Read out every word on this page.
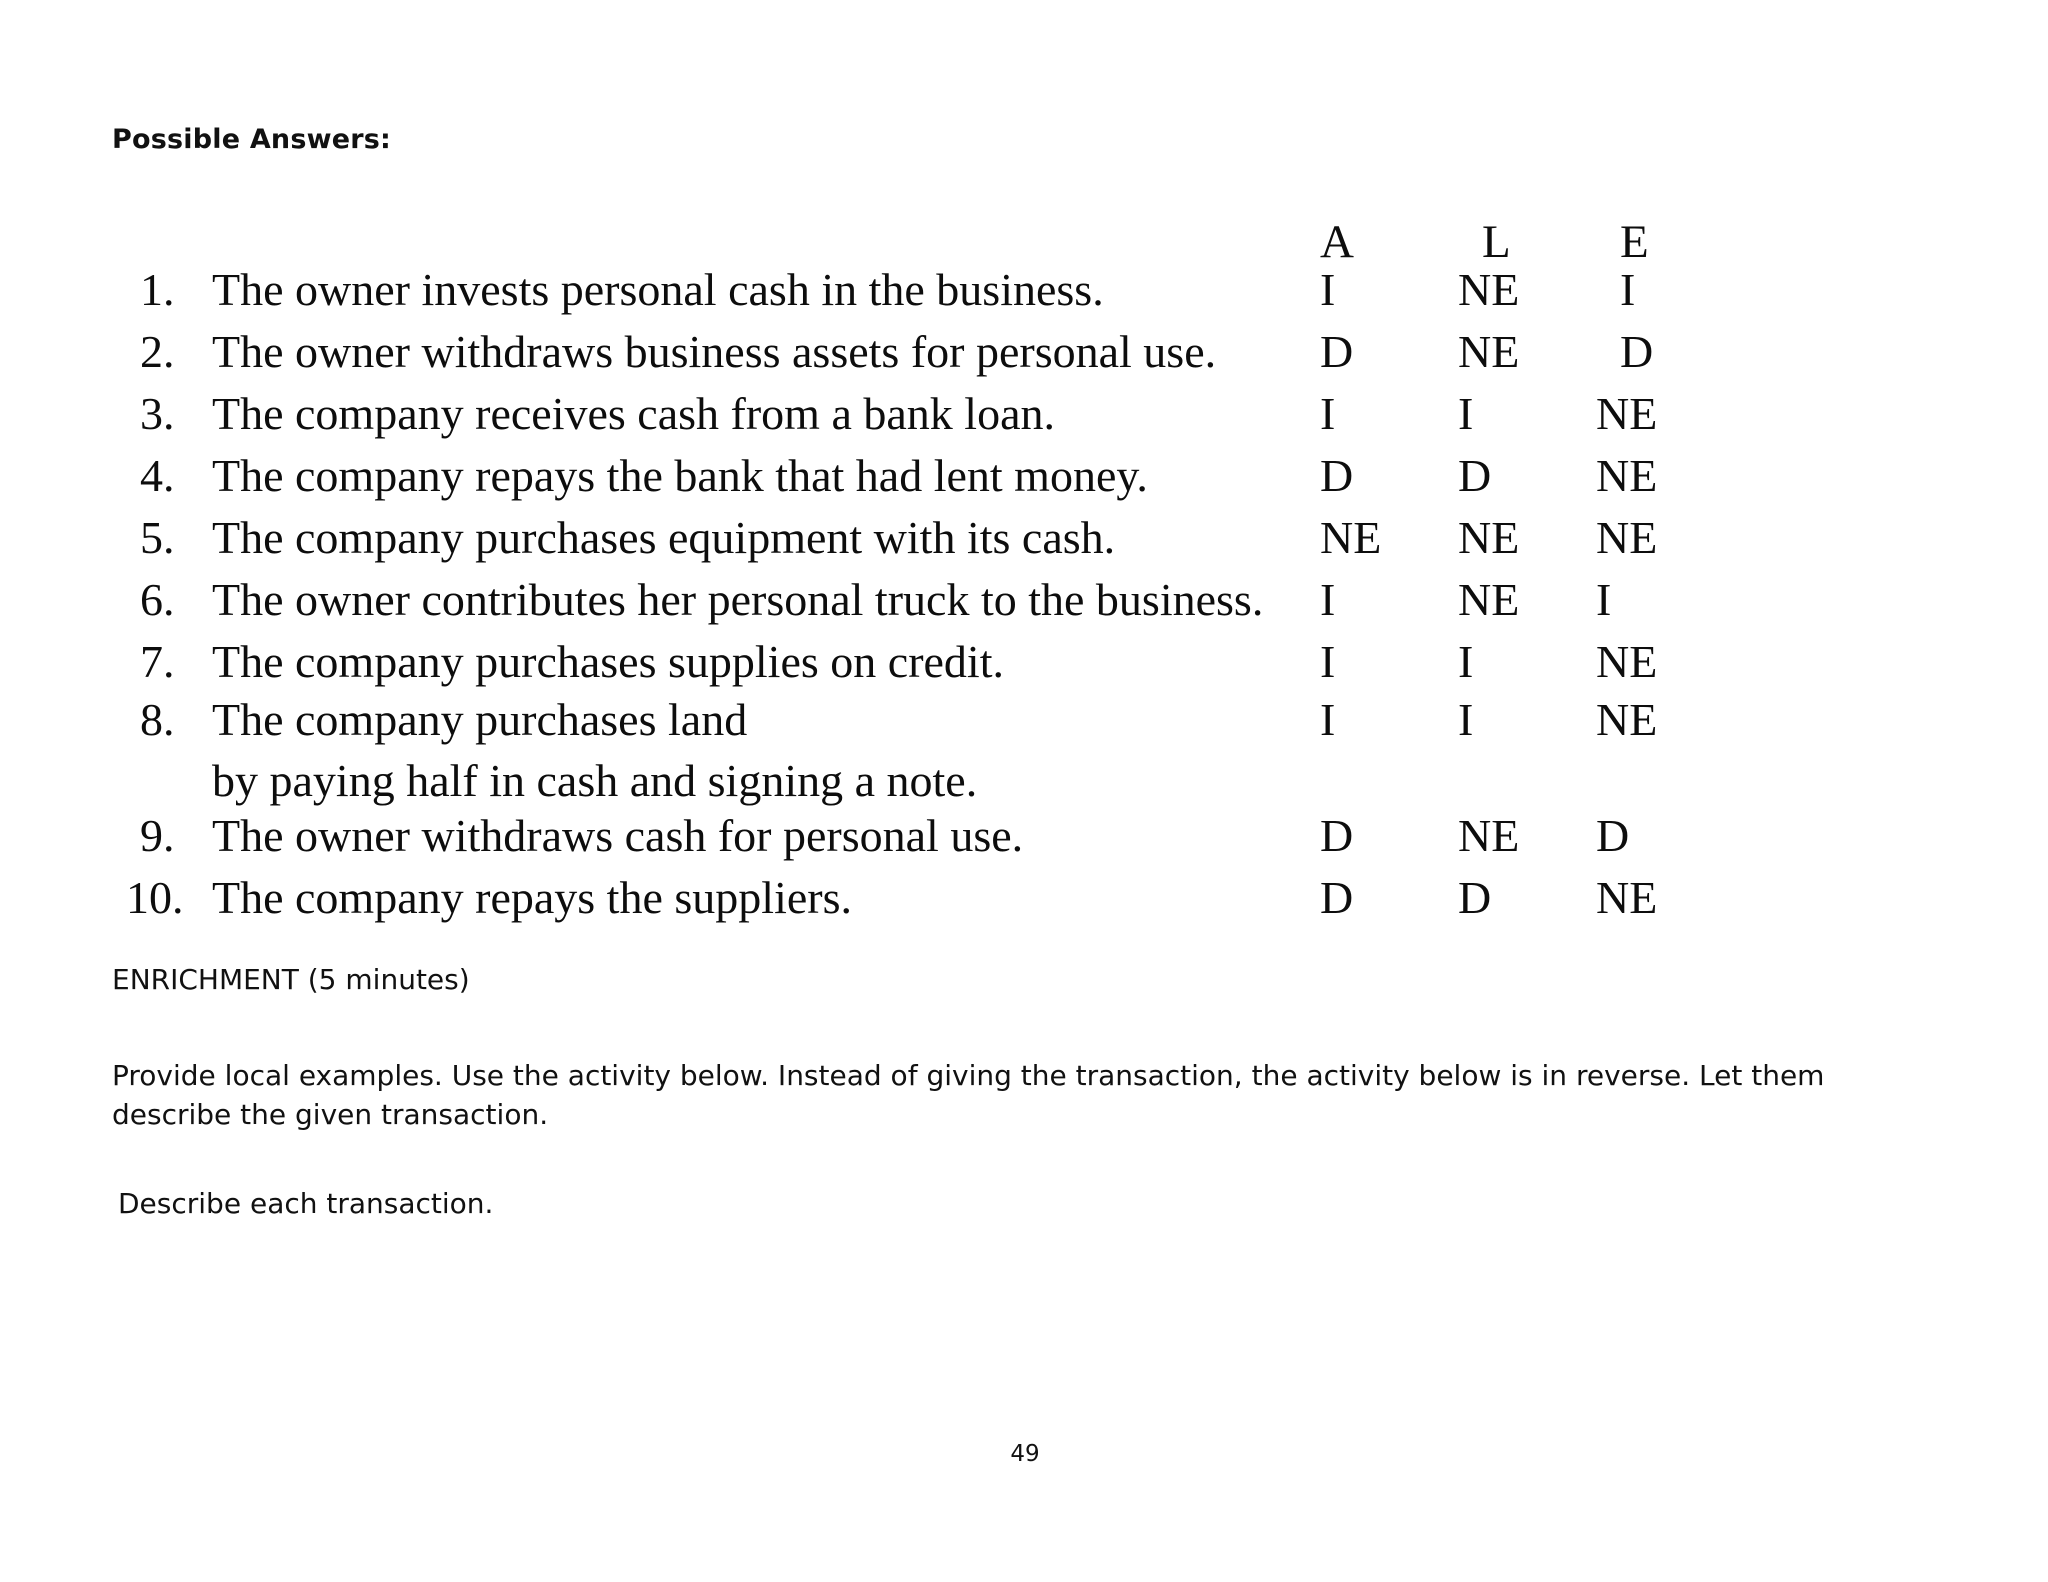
Possible Answers:
A	L E
1. The owner invests personal cash in the business.	I	NE I
2. The owner withdraws business assets for personal use. D NE D
3. The company receives cash from a bank loan.	I	I	NE
4. The company repays the bank that had lent money.	D D NE
5. The company purchases equipment with its cash.	NE NE NE
6. The owner contributes her personal truck to the business. I	NE I
7. The company purchases supplies on credit.	I	I	NE
8. The company purchases land
by paying half in cash and signing a note.
I	I	NE
9. The owner withdraws cash for personal use.	D NE D
10. The company repays the suppliers.	D D NE

ENRICHMENT (5 minutes)

Provide local examples. Use the activity below. Instead of giving the transaction, the activity below is in reverse. Let them describe the given transaction.

Describe each transaction.

49
